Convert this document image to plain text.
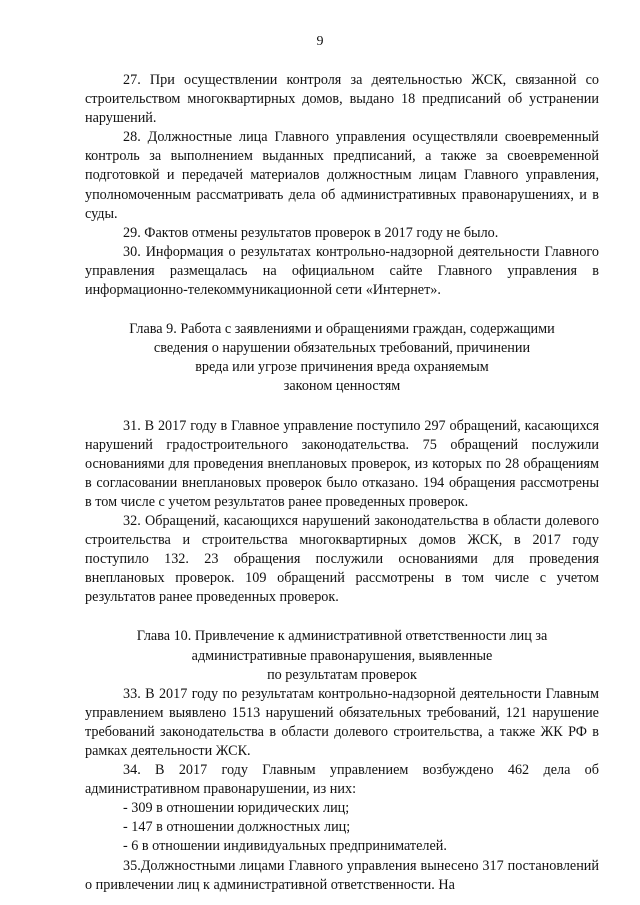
9

27. При осуществлении контроля за деятельностью ЖСК, связанной со строительством многоквартирных домов, выдано 18 предписаний об устранении нарушений.

28. Должностные лица Главного управления осуществляли своевременный контроль за выполнением выданных предписаний, а также за своевременной подготовкой и передачей материалов должностным лицам Главного управления, уполномоченным рассматривать дела об административных правонарушениях, и в суды.

29. Фактов отмены результатов проверок в 2017 году не было.

30. Информация о результатах контрольно-надзорной деятельности Главного управления размещалась на официальном сайте Главного управления в информационно-телекоммуникационной сети «Интернет».

Глава 9. Работа с заявлениями и обращениями граждан, содержащими
сведения о нарушении обязательных требований, причинении
вреда или угрозе причинения вреда охраняемым
законом ценностям

31. В 2017 году в Главное управление поступило 297 обращений, касающихся нарушений градостроительного законодательства. 75 обращений послужили основаниями для проведения внеплановых проверок, из которых по 28 обращениям в согласовании внеплановых проверок было отказано. 194 обращения рассмотрены в том числе с учетом результатов ранее проведенных проверок.

32. Обращений, касающихся нарушений законодательства в области долевого строительства и строительства многоквартирных домов ЖСК, в 2017 году поступило 132. 23 обращения послужили основаниями для проведения внеплановых проверок. 109 обращений рассмотрены в том числе с учетом результатов ранее проведенных проверок.

Глава 10. Привлечение к административной ответственности лиц за
административные правонарушения, выявленные
по результатам проверок

33. В 2017 году по результатам контрольно-надзорной деятельности Главным управлением выявлено 1513 нарушений обязательных требований, 121 нарушение требований законодательства в области долевого строительства, а также ЖК РФ в рамках деятельности ЖСК.

34. В 2017 году Главным управлением возбуждено 462 дела об административном правонарушении, из них:

- 309 в отношении юридических лиц;

- 147 в отношении должностных лиц;

- 6 в отношении индивидуальных предпринимателей.

35.Должностными лицами Главного управления вынесено 317 постановлений о привлечении лиц к административной ответственности. На
